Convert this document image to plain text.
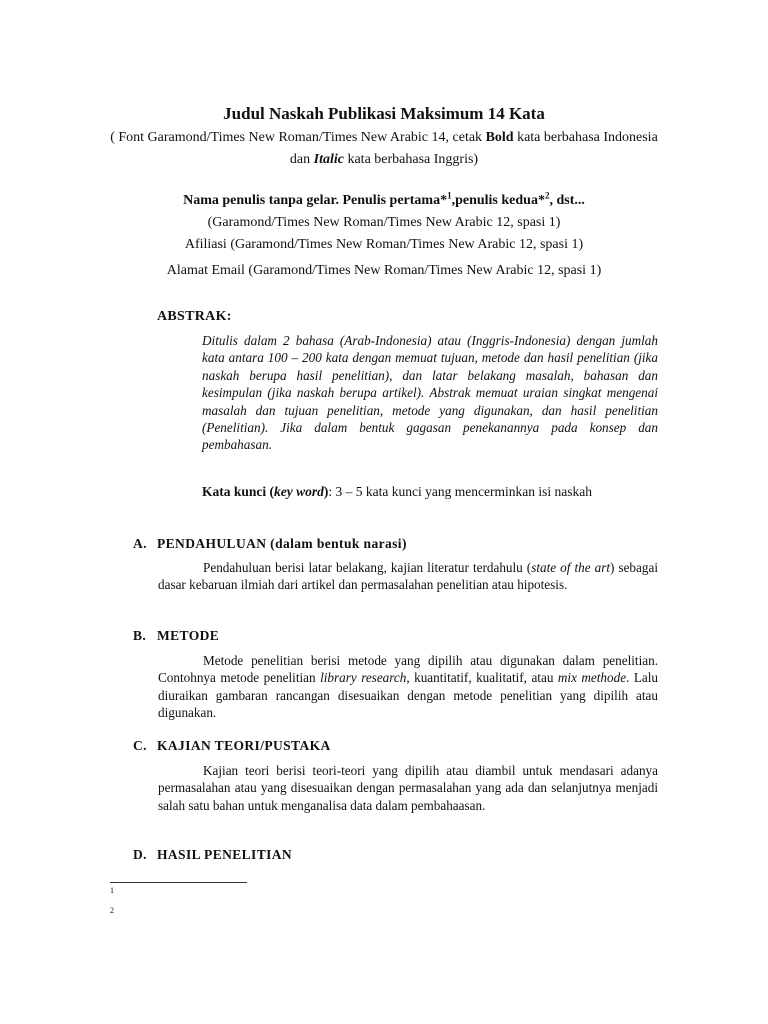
Judul Naskah Publikasi Maksimum 14 Kata
( Font Garamond/Times New Roman/Times New Arabic 14, cetak Bold kata berbahasa Indonesia dan Italic kata berbahasa Inggris)
Nama penulis tanpa gelar. Penulis pertama*$^1$,penulis kedua*$^2$, dst...
(Garamond/Times New Roman/Times New Arabic 12, spasi 1)
Afiliasi (Garamond/Times New Roman/Times New Arabic 12, spasi 1)
Alamat Email (Garamond/Times New Roman/Times New Arabic 12, spasi 1)
ABSTRAK:
Ditulis dalam 2 bahasa (Arab-Indonesia) atau (Inggris-Indonesia) dengan jumlah kata antara 100 – 200 kata dengan memuat tujuan, metode dan hasil penelitian (jika naskah berupa hasil penelitian), dan latar belakang masalah, bahasan dan kesimpulan (jika naskah berupa artikel). Abstrak memuat uraian singkat mengenai masalah dan tujuan penelitian, metode yang digunakan, dan hasil penelitian (Penelitian). Jika dalam bentuk gagasan penekanannya pada konsep dan pembahasan.
Kata kunci (key word): 3 – 5 kata kunci yang mencerminkan isi naskah
A. PENDAHULUAN (dalam bentuk narasi)
Pendahuluan berisi latar belakang, kajian literatur terdahulu (state of the art) sebagai dasar kebaruan ilmiah dari artikel dan permasalahan penelitian atau hipotesis.
B. METODE
Metode penelitian berisi metode yang dipilih atau digunakan dalam penelitian. Contohnya metode penelitian library research, kuantitatif, kualitatif, atau mix methode. Lalu diuraikan gambaran rancangan disesuaikan dengan metode penelitian yang dipilih atau digunakan.
C. KAJIAN TEORI/PUSTAKA
Kajian teori berisi teori-teori yang dipilih atau diambil untuk mendasari adanya permasalahan atau yang disesuaikan dengan permasalahan yang ada dan selanjutnya menjadi salah satu bahan untuk menganalisa data dalam pembahaasan.
D. HASIL PENELITIAN
1
2
